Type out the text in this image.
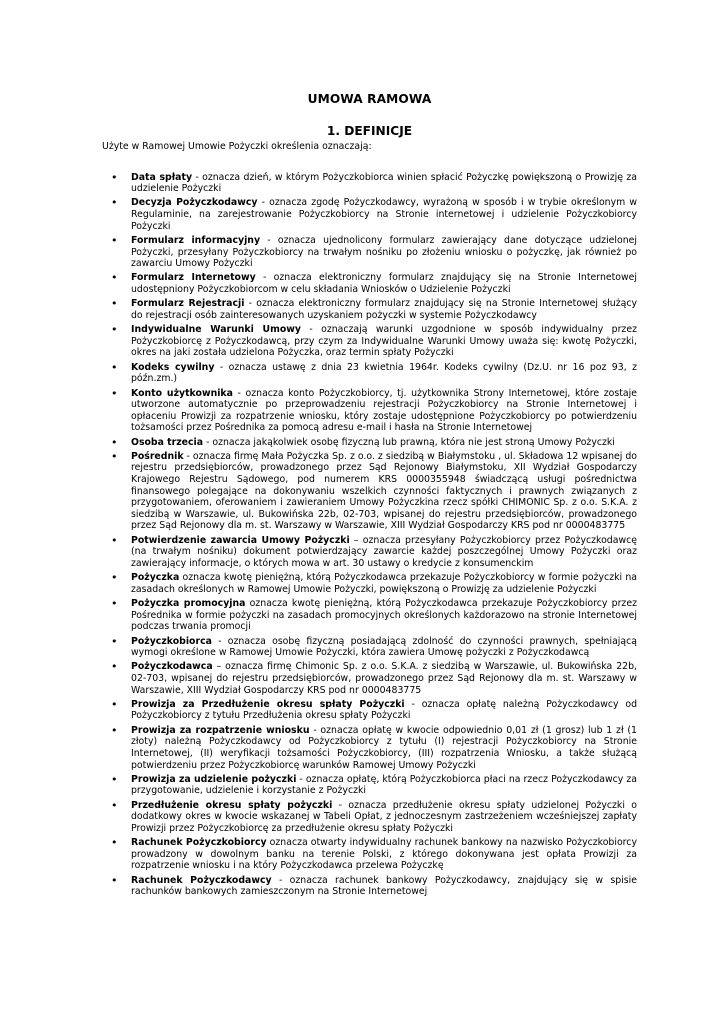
UMOWA RAMOWA
1. DEFINICJE

Użyte w Ramowej Umowie Pożyczki określenia oznaczają:

• Data spłaty - oznacza dzień, w którym Pożyczkobiorca winien spłacić Pożyczkę powiększoną o Prowizję za udzielenie Pożyczki
• Decyzja Pożyczkodawcy - oznacza zgodę Pożyczkodawcy, wyrażoną w sposób i w trybie określonym w Regulaminie, na zarejestrowanie Pożyczkobiorcy na Stronie internetowej i udzielenie Pożyczkobiorcy Pożyczki
• Formularz informacyjny - oznacza ujednolicony formularz zawierający dane dotyczące udzielonej Pożyczki, przesyłany Pożyczkobiorcy na trwałym nośniku po złożeniu wniosku o pożyczkę, jak również po zawarciu Umowy Pożyczki
• Formularz Internetowy - oznacza elektroniczny formularz znajdujący się na Stronie Internetowej udostępniony Pożyczkobiorcom w celu składania Wniosków o Udzielenie Pożyczki
• Formularz Rejestracji - oznacza elektroniczny formularz znajdujący się na Stronie Internetowej służący do rejestracji osób zainteresowanych uzyskaniem pożyczki w systemie Pożyczkodawcy
• Indywidualne Warunki Umowy - oznaczają warunki uzgodnione w sposób indywidualny przez Pożyczkobiorcę z Pożyczkodawcą, przy czym za Indywidualne Warunki Umowy uważa się: kwotę Pożyczki, okres na jaki została udzielona Pożyczka, oraz termin spłaty Pożyczki
• Kodeks cywilny - oznacza ustawę z dnia 23 kwietnia 1964r. Kodeks cywilny (Dz.U. nr 16 poz 93, z późn.zm.)
• Konto użytkownika - oznacza konto Pożyczkobiorcy, tj. użytkownika Strony Internetowej, które zostaje utworzone automatycznie po przeprowadzeniu rejestracji Pożyczkobiorcy na Stronie Internetowej i opłaceniu Prowizji za rozpatrzenie wniosku, który zostaje udostępnione Pożyczkobiorcy po potwierdzeniu tożsamości przez Pośrednika za pomocą adresu e-mail i hasła na Stronie Internetowej
• Osoba trzecia - oznacza jakąkolwiek osobę fizyczną lub prawną, która nie jest stroną Umowy Pożyczki
• Pośrednik - oznacza firmę Mała Pożyczka Sp. z o.o. z siedzibą w Białymstoku , ul. Składowa 12 wpisanej do rejestru przedsiębiorców, prowadzonego przez Sąd Rejonowy Białymstoku, XII Wydział Gospodarczy Krajowego Rejestru Sądowego, pod numerem KRS 0000355948 świadczącą usługi pośrednictwa finansowego polegające na dokonywaniu wszelkich czynności faktycznych i prawnych związanych z przygotowaniem, oferowaniem i zawieraniem Umowy Pożyczkina rzecz spółki CHIMONIC Sp. z o.o. S.K.A. z siedzibą w Warszawie, ul. Bukowińska 22b, 02-703, wpisanej do rejestru przedsiębiorców, prowadzonego przez Sąd Rejonowy dla m. st. Warszawy w Warszawie, XIII Wydział Gospodarczy KRS pod nr 0000483775
• Potwierdzenie zawarcia Umowy Pożyczki – oznacza przesyłany Pożyczkobiorcy przez Pożyczkodawcę (na trwałym nośniku) dokument potwierdzający zawarcie każdej poszczególnej Umowy Pożyczki oraz zawierający informacje, o których mowa w art. 30 ustawy o kredycie z konsumenckim
• Pożyczka oznacza kwotę pieniężną, którą Pożyczkodawca przekazuje Pożyczkobiorcy w formie pożyczki na zasadach określonych w Ramowej Umowie Pożyczki, powiększoną o Prowizję za udzielenie Pożyczki
• Pożyczka promocyjna oznacza kwotę pieniężną, którą Pożyczkodawca przekazuje Pożyczkobiorcy przez Pośrednika w formie pożyczki na zasadach promocyjnych określonych każdorazowo na stronie Internetowej podczas trwania promocji
• Pożyczkobiorca - oznacza osobę fizyczną posiadającą zdolność do czynności prawnych, spełniającą wymogi określone w Ramowej Umowie Pożyczki, która zawiera Umowę pożyczki z Pożyczkodawcą
• Pożyczkodawca – oznacza firmę Chimonic Sp. z o.o. S.K.A. z siedzibą w Warszawie, ul. Bukowińska 22b, 02-703, wpisanej do rejestru przedsiębiorców, prowadzonego przez Sąd Rejonowy dla m. st. Warszawy w Warszawie, XIII Wydział Gospodarczy KRS pod nr 0000483775
• Prowizja za Przedłużenie okresu spłaty Pożyczki - oznacza opłatę należną Pożyczkodawcy od Pożyczkobiorcy z tytułu Przedłużenia okresu spłaty Pożyczki
• Prowizja za rozpatrzenie wniosku - oznacza opłatę w kwocie odpowiednio 0,01 zł (1 grosz) lub 1 zł (1 złoty) należną Pożyczkodawcy od Pożyczkobiorcy z tytułu (I) rejestracji Pożyczkobiorcy na Stronie Internetowej, (II) weryfikacji tożsamości Pożyczkobiorcy, (III) rozpatrzenia Wniosku, a także służącą potwierdzeniu przez Pożyczkobiorcę warunków Ramowej Umowy Pożyczki
• Prowizja za udzielenie pożyczki - oznacza opłatę, którą Pożyczkobiorca płaci na rzecz Pożyczkodawcy za przygotowanie, udzielenie i korzystanie z Pożyczki
• Przedłużenie okresu spłaty pożyczki - oznacza przedłużenie okresu spłaty udzielonej Pożyczki o dodatkowy okres w kwocie wskazanej w Tabeli Opłat, z jednoczesnym zastrzeżeniem wcześniejszej zapłaty Prowizji przez Pożyczkobiorcę za przedłużenie okresu spłaty Pożyczki
• Rachunek Pożyczkobiorcy oznacza otwarty indywidualny rachunek bankowy na nazwisko Pożyczkobiorcy prowadzony w dowolnym banku na terenie Polski, z którego dokonywana jest opłata Prowizji za rozpatrzenie wniosku i na który Pożyczkodawca przelewa Pożyczkę
• Rachunek Pożyczkodawcy - oznacza rachunek bankowy Pożyczkodawcy, znajdujący się w spisie rachunków bankowych zamieszczonym na Stronie Internetowej
